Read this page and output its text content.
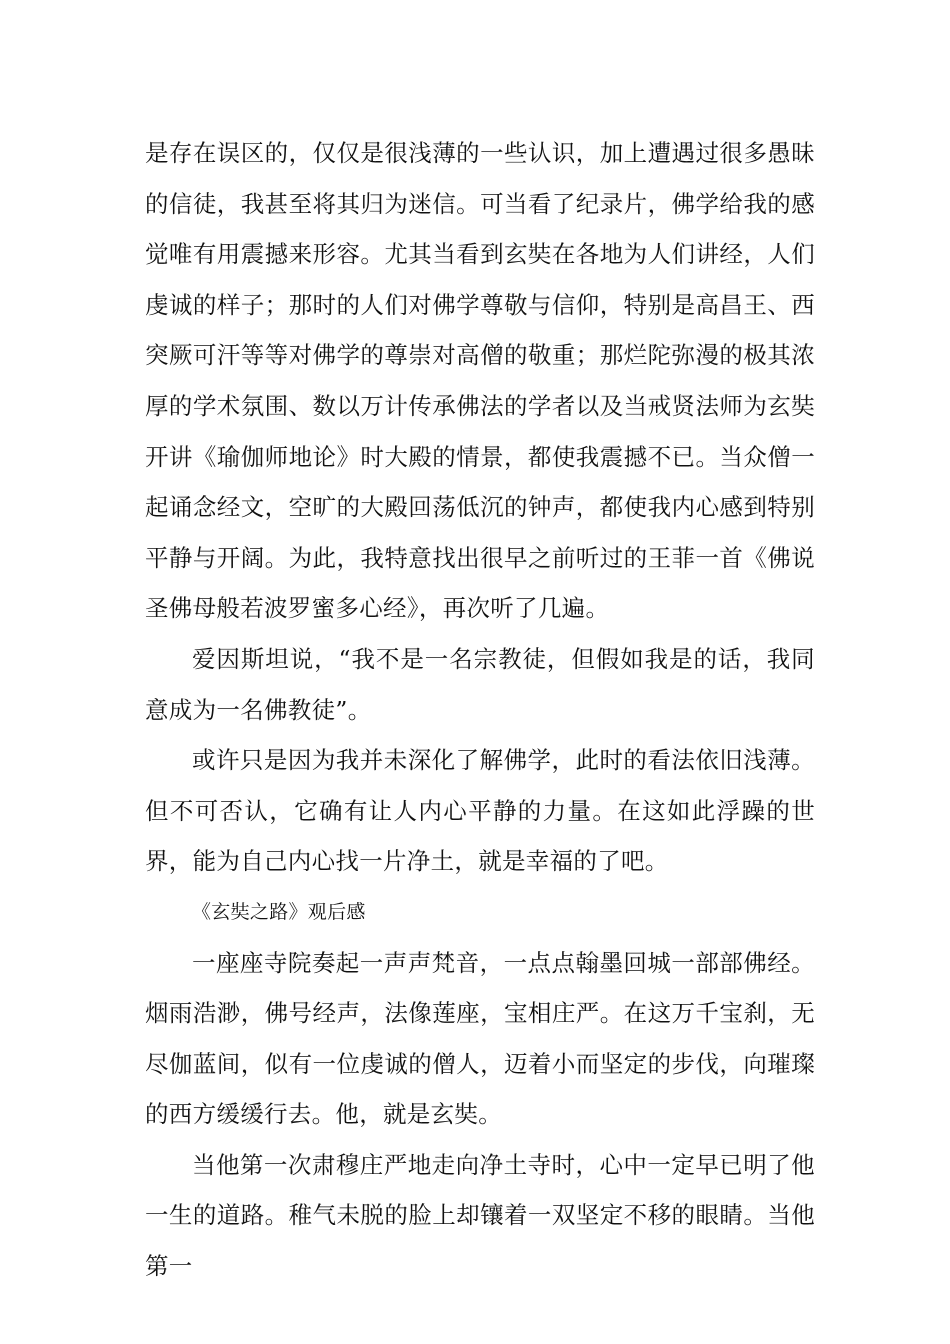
是存在误区的，仅仅是很浅薄的一些认识，加上遭遇过很多愚昧的信徒，我甚至将其归为迷信。可当看了纪录片，佛学给我的感觉唯有用震撼来形容。尤其当看到玄奘在各地为人们讲经，人们虔诚的样子；那时的人们对佛学尊敬与信仰，特别是高昌王、西突厥可汗等等对佛学的尊崇对高僧的敬重；那烂陀弥漫的极其浓厚的学术氛围、数以万计传承佛法的学者以及当戒贤法师为玄奘开讲《瑜伽师地论》时大殿的情景，都使我震撼不已。当众僧一起诵念经文，空旷的大殿回荡低沉的钟声，都使我内心感到特别平静与开阔。为此，我特意找出很早之前听过的王菲一首《佛说圣佛母般若波罗蜜多心经》，再次听了几遍。

爱因斯坦说，“我不是一名宗教徒，但假如我是的话，我同意成为一名佛教徒”。

或许只是因为我并未深化了解佛学，此时的看法依旧浅薄。但不可否认，它确有让人内心平静的力量。在这如此浮躁的世界，能为自己内心找一片净土，就是幸福的了吧。

《玄奘之路》观后感

一座座寺院奏起一声声梵音，一点点翰墨回城一部部佛经。烟雨浩渺，佛号经声，法像莲座，宝相庄严。在这万千宝刹，无尽伽蓝间，似有一位虔诚的僧人，迈着小而坚定的步伐，向璀璨的西方缓缓行去。他，就是玄奘。

当他第一次肃穆庄严地走向净土寺时，心中一定早已明了他一生的道路。稚气未脱的脸上却镶着一双坚定不移的眼睛。当他第一
